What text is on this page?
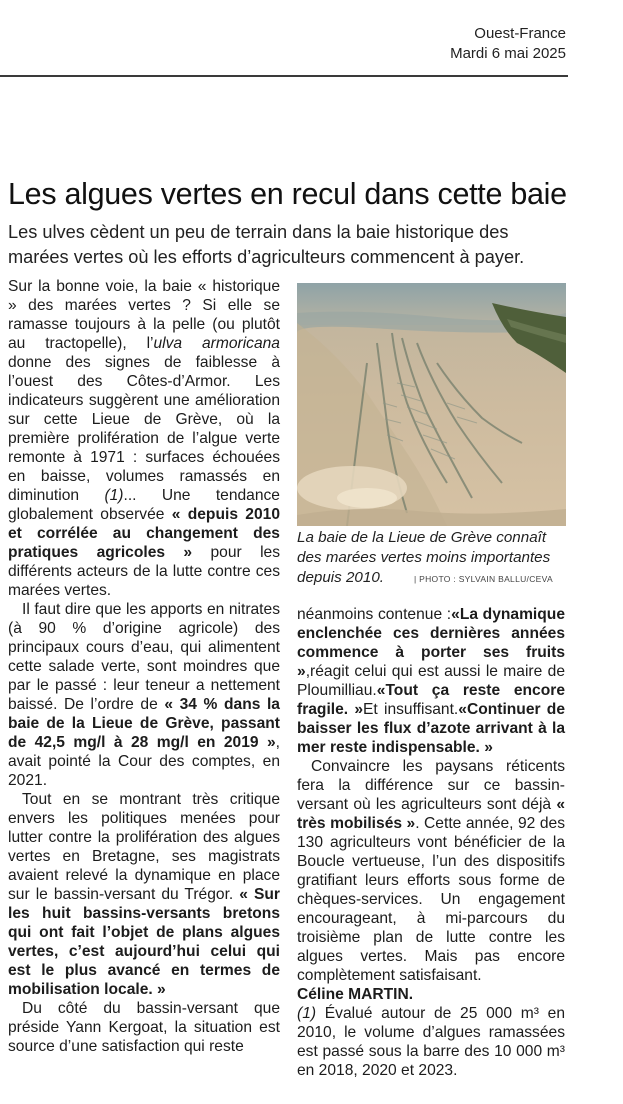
Ouest-France
Mardi 6 mai 2025
Les algues vertes en recul dans cette baie

Les ulves cèdent un peu de terrain dans la baie historique des marées vertes où les efforts d’agriculteurs commencent à payer.

Sur la bonne voie, la baie « historique » des marées vertes ? Si elle se ramasse toujours à la pelle (ou plutôt au tractopelle), l’ulva armoricana donne des signes de faiblesse à l’ouest des Côtes-d’Armor. Les indicateurs suggèrent une amélioration sur cette Lieue de Grève, où la première prolifération de l’algue verte remonte à 1971 : surfaces échouées en baisse, volumes ramassés en diminution (1)... Une tendance globalement observée « depuis 2010 et corrélée au changement des pratiques agricoles » pour les différents acteurs de la lutte contre ces marées vertes.

Il faut dire que les apports en nitrates (à 90 % d’origine agricole) des principaux cours d’eau, qui alimentent cette salade verte, sont moindres que par le passé : leur teneur a nettement baissé. De l’ordre de « 34 % dans la baie de la Lieue de Grève, passant de 42,5 mg/l à 28 mg/l en 2019 », avait pointé la Cour des comptes, en 2021.

Tout en se montrant très critique envers les politiques menées pour lutter contre la prolifération des algues vertes en Bretagne, ses magistrats avaient relevé la dynamique en place sur le bassin-versant du Trégor. « Sur les huit bassins-versants bretons qui ont fait l’objet de plans algues vertes, c’est aujourd’hui celui qui est le plus avancé en termes de mobilisation locale. »

Du côté du bassin-versant que préside Yann Kergoat, la situation est source d’une satisfaction qui reste

La baie de la Lieue de Grève connaît des marées vertes moins importantes depuis 2010.	| PHOTO : SYLVAIN BALLU/CEVA

néanmoins contenue :«La dynamique enclenchée ces dernières années commence à porter ses fruits »,réagit celui qui est aussi le maire de Ploumilliau.«Tout ça reste encore fragile. »Et insuffisant.«Continuer de baisser les flux d’azote arrivant à la mer reste indispensable. »

Convaincre les paysans réticents fera la différence sur ce bassin-versant où les agriculteurs sont déjà « très mobilisés ». Cette année, 92 des 130 agriculteurs vont bénéficier de la Boucle vertueuse, l’un des dispositifs gratifiant leurs efforts sous forme de chèques-services. Un engagement encourageant, à mi-parcours du troisième plan de lutte contre les algues vertes. Mais pas encore complètement satisfaisant.

Céline MARTIN.

(1) Évalué autour de 25 000 m³ en 2010, le volume d’algues ramassées est passé sous la barre des 10 000 m³ en 2018, 2020 et 2023.
